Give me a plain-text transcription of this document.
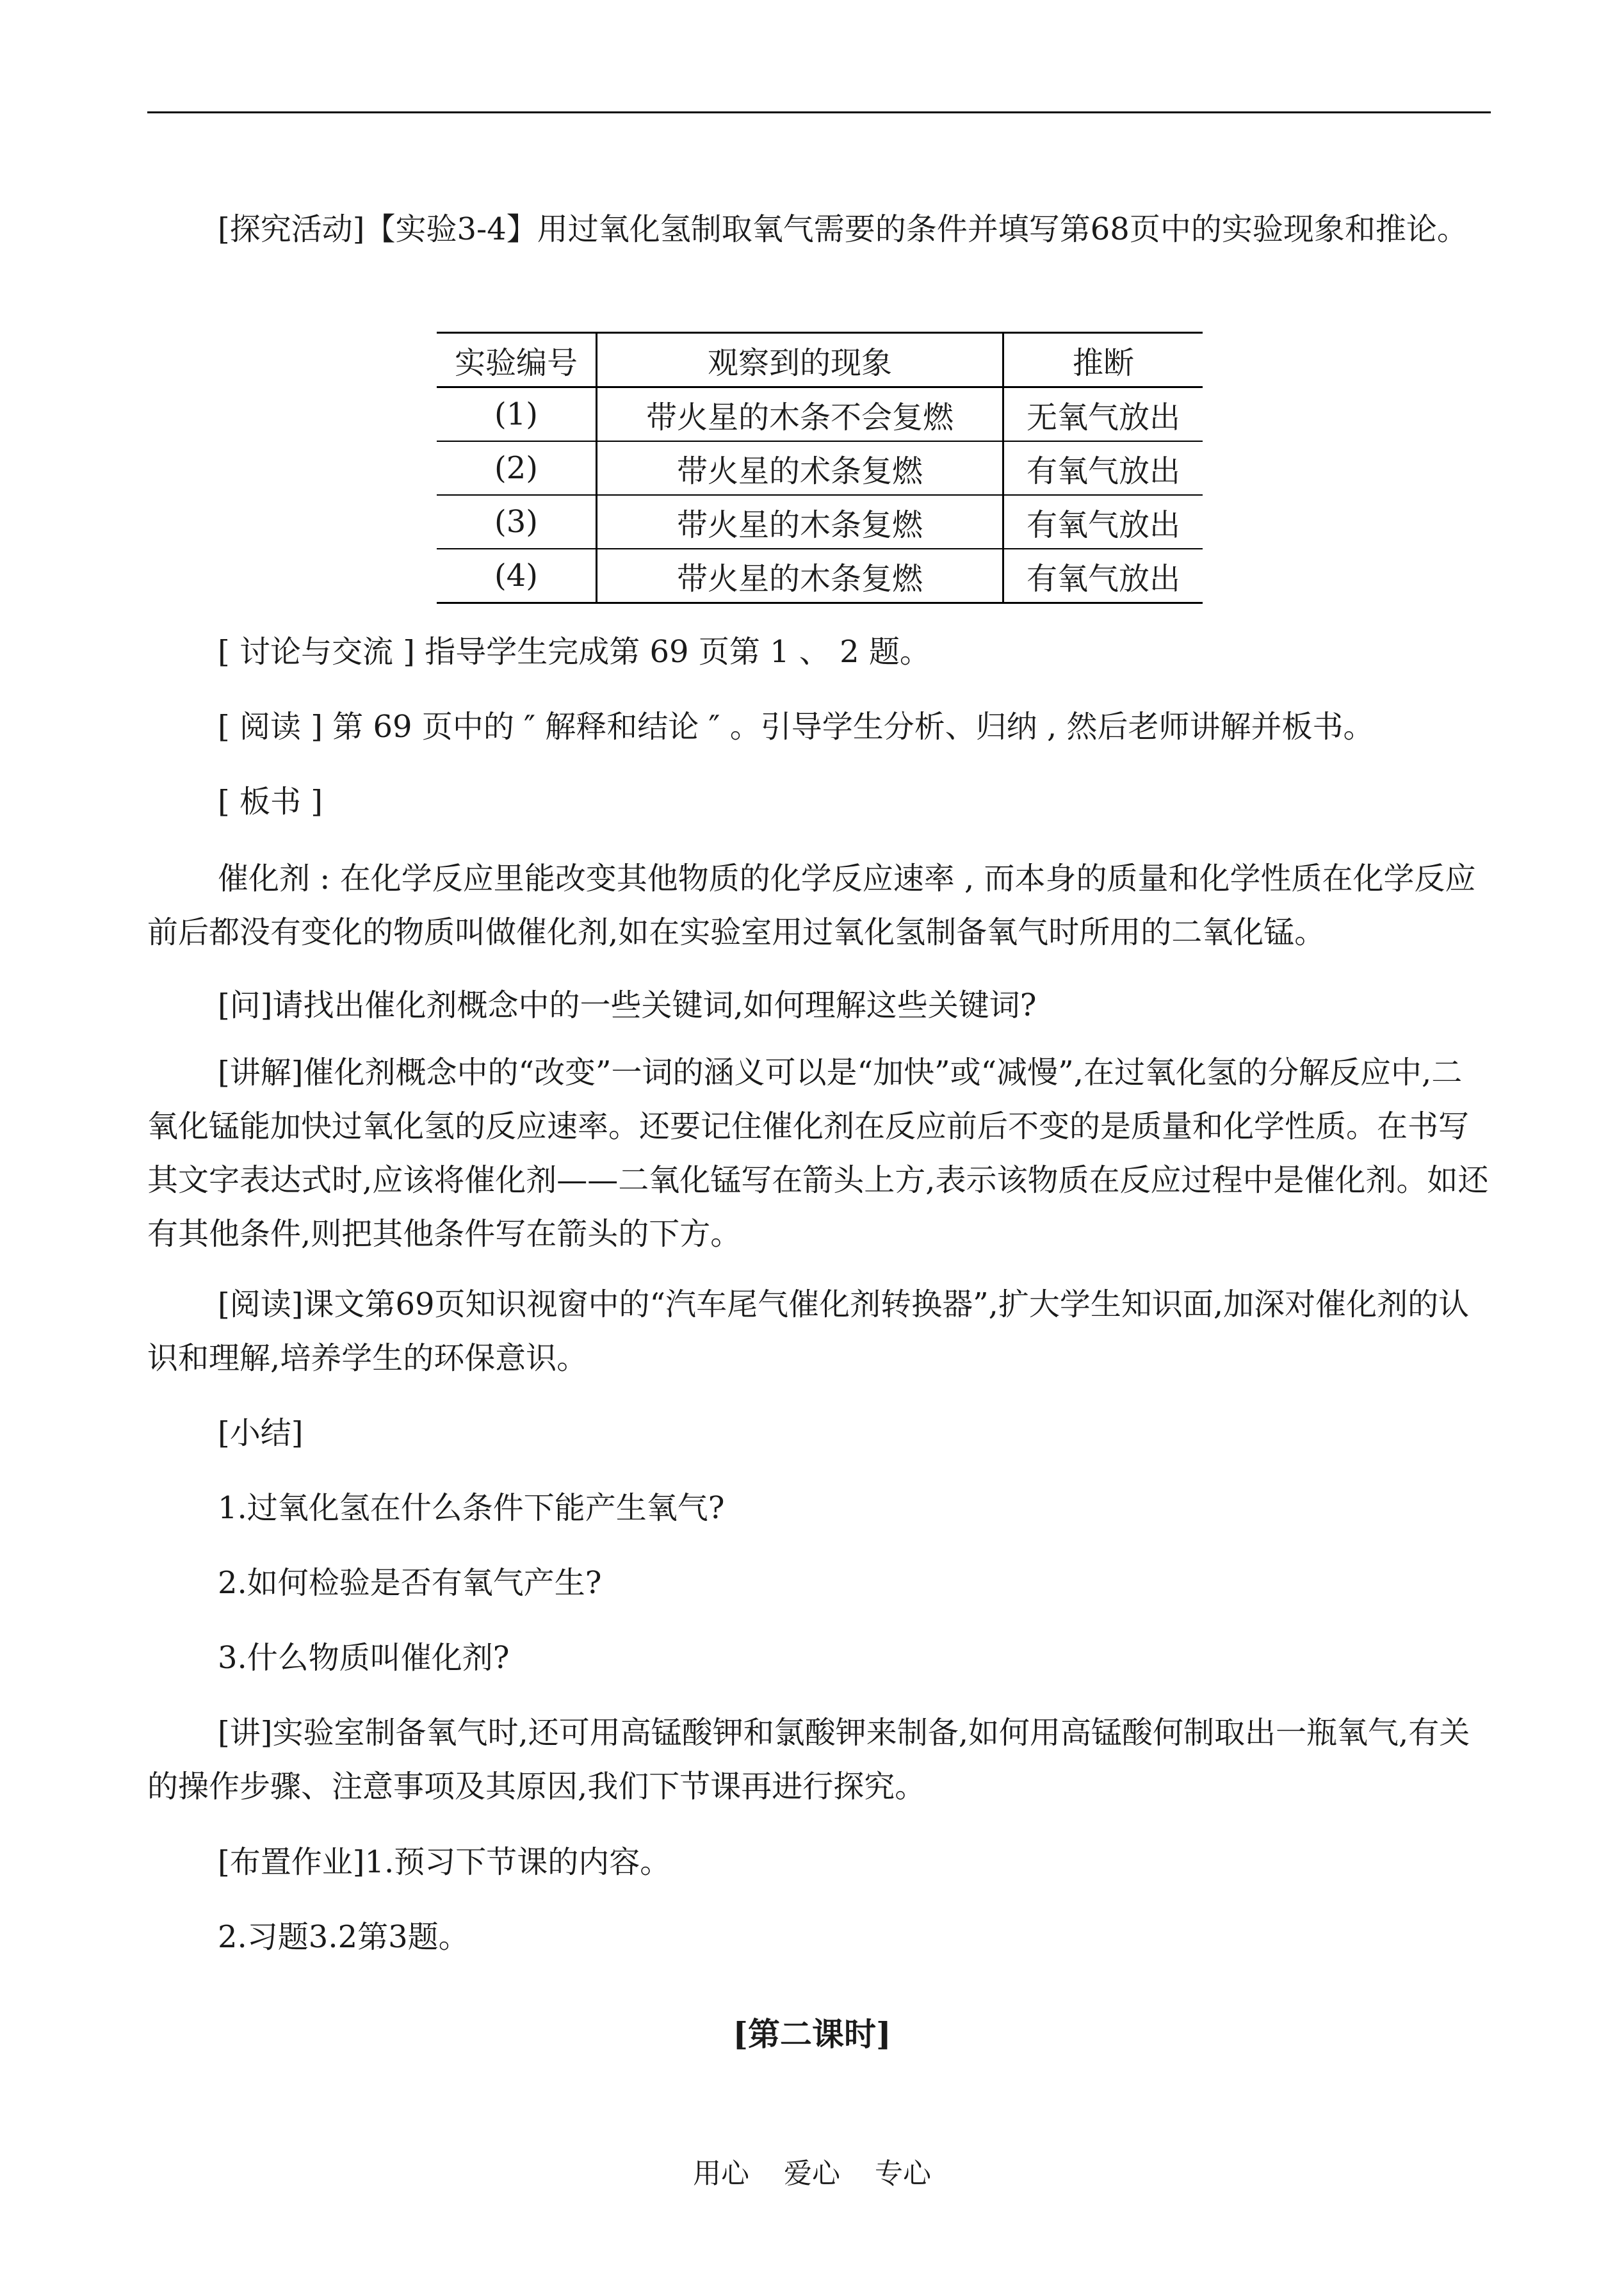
[探究活动]【实验3-4】用过氧化氢制取氧气需要的条件并填写第68页中的实验现象和推论。

实验编号	观察到的现象	推断
(1)	带火星的木条不会复燃	无氧气放出
(2)	带火星的术条复燃	有氧气放出
(3)	带火星的木条复燃	有氧气放出
(4)	带火星的木条复燃	有氧气放出
[ 讨论与交流 ] 指导学生完成第 69 页第 1 、 2 题。
[ 阅读 ] 第 69 页中的 ″ 解释和结论 ″ 。引导学生分析、归纳 , 然后老师讲解并板书。
[ 板书 ]

催化剂 : 在化学反应里能改变其他物质的化学反应速率 , 而本身的质量和化学性质在化学反应前后都没有变化的物质叫做催化剂,如在实验室用过氧化氢制备氧气时所用的二氧化锰。

[问]请找出催化剂概念中的一些关键词,如何理解这些关键词?

[讲解]催化剂概念中的“改变”一词的涵义可以是“加快”或“减慢”,在过氧化氢的分解反应中,二氧化锰能加快过氧化氢的反应速率。还要记住催化剂在反应前后不变的是质量和化学性质。在书写其文字表达式时,应该将催化剂——二氧化锰写在箭头上方,表示该物质在反应过程中是催化剂。如还有其他条件,则把其他条件写在箭头的下方。

[阅读]课文第69页知识视窗中的“汽车尾气催化剂转换器”,扩大学生知识面,加深对催化剂的认识和理解,培养学生的环保意识。

[小结]
1.过氧化氢在什么条件下能产生氧气?
2.如何检验是否有氧气产生?
3.什么物质叫催化剂?

[讲]实验室制备氧气时,还可用高锰酸钾和氯酸钾来制备,如何用高锰酸何制取出一瓶氧气,有关的操作步骤、注意事项及其原因,我们下节课再进行探究。

[布置作业]1.预习下节课的内容。
2.习题3.2第3题。
[第二课时]
用心 爱心 专心
